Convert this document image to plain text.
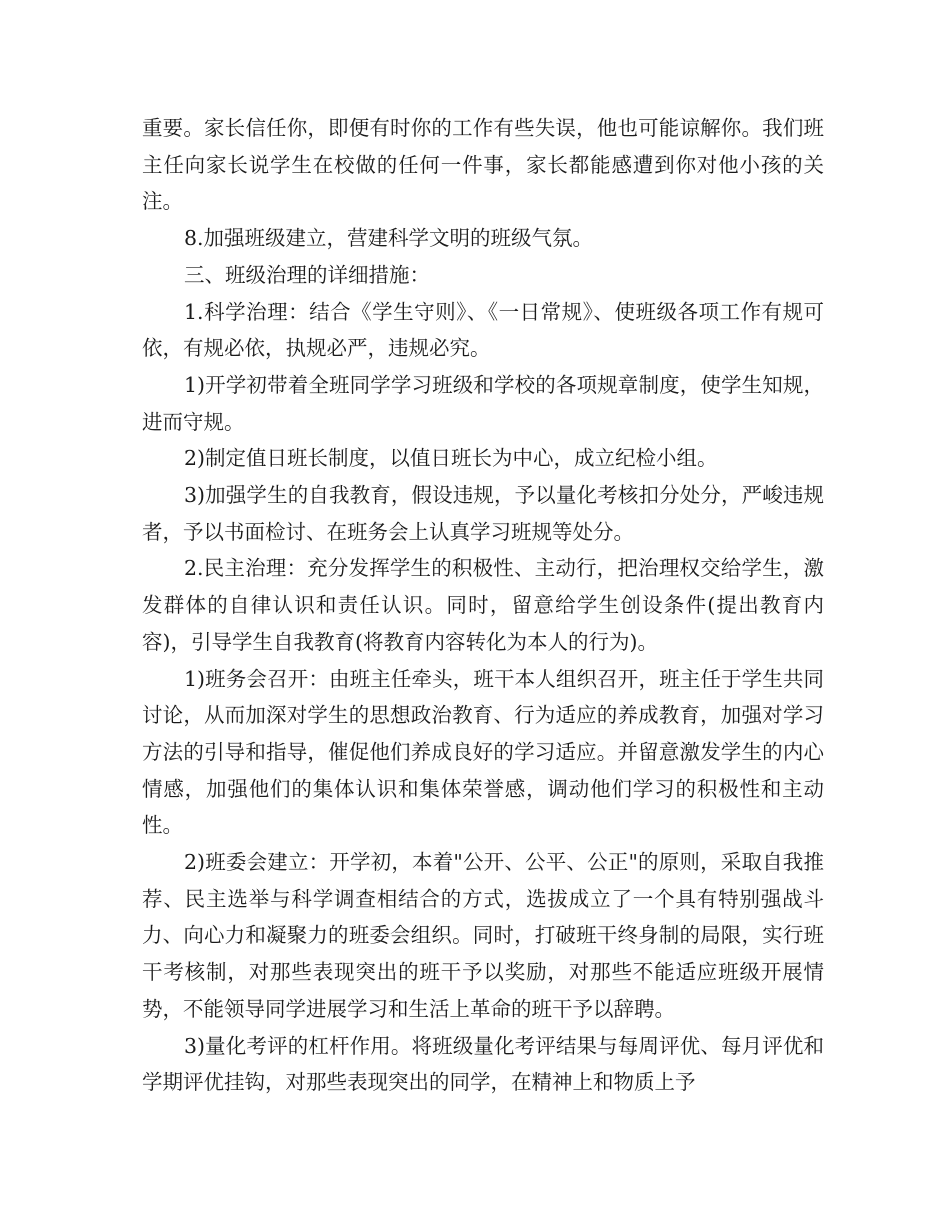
重要。家长信任你，即便有时你的工作有些失误，他也可能谅解你。我们班主任向家长说学生在校做的任何一件事，家长都能感遭到你对他小孩的关注。

8.加强班级建立，营建科学文明的班级气氛。

三、班级治理的详细措施：

1.科学治理：结合《学生守则》、《一日常规》、使班级各项工作有规可依，有规必依，执规必严，违规必究。

1)开学初带着全班同学学习班级和学校的各项规章制度，使学生知规，进而守规。

2)制定值日班长制度，以值日班长为中心，成立纪检小组。

3)加强学生的自我教育，假设违规，予以量化考核扣分处分，严峻违规者，予以书面检讨、在班务会上认真学习班规等处分。

2.民主治理：充分发挥学生的积极性、主动行，把治理权交给学生，激发群体的自律认识和责任认识。同时，留意给学生创设条件(提出教育内容)，引导学生自我教育(将教育内容转化为本人的行为)。

1)班务会召开：由班主任牵头，班干本人组织召开，班主任于学生共同讨论，从而加深对学生的思想政治教育、行为适应的养成教育，加强对学习方法的引导和指导，催促他们养成良好的学习适应。并留意激发学生的内心情感，加强他们的集体认识和集体荣誉感，调动他们学习的积极性和主动性。

2)班委会建立：开学初，本着"公开、公平、公正"的原则，采取自我推荐、民主选举与科学调查相结合的方式，选拔成立了一个具有特别强战斗力、向心力和凝聚力的班委会组织。同时，打破班干终身制的局限，实行班干考核制，对那些表现突出的班干予以奖励，对那些不能适应班级开展情势，不能领导同学进展学习和生活上革命的班干予以辞聘。

3)量化考评的杠杆作用。将班级量化考评结果与每周评优、每月评优和学期评优挂钩，对那些表现突出的同学，在精神上和物质上予
